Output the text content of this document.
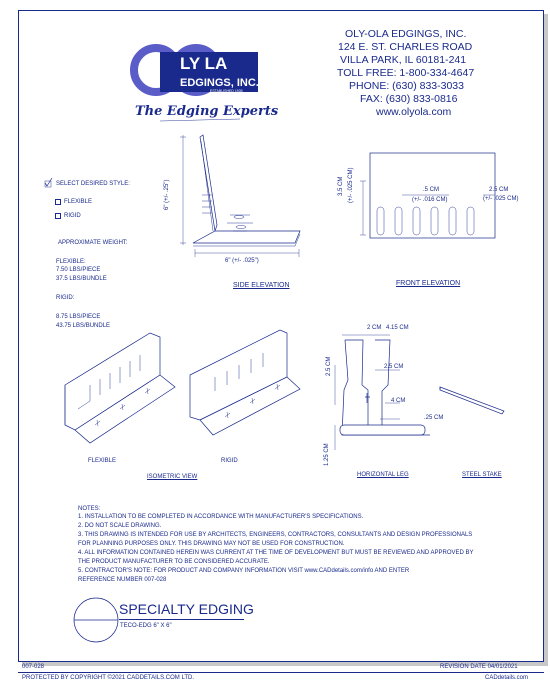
LY LA
EDGINGS, INC.
ESTABLISHED 1939
The Edging Experts
OLY-OLA EDGINGS, INC.
124 E. ST. CHARLES ROAD
VILLA PARK, IL 60181-241
TOLL FREE: 1-800-334-4647
PHONE: (630) 833-3033
FAX: (630) 833-0816
www.olyola.com
SELECT DESIRED STYLE:
FLEXIBLE
RIGID
APPROXIMATE WEIGHT:
FLEXIBLE:
7.50 LBS/PIECE
37.5 LBS/BUNDLE
RIGID:
8.75 LBS/PIECE
43.75 LBS/BUNDLE
6" (+/- .25")
6" (+/- .025")
SIDE ELEVATION
3.5 CM (+/- .025 CM)	.5 CM
(+/- .016 CM)
2.5 CM
(+/- .025 CM)
FRONT ELEVATION
FLEXIBLE	RIGID
ISOMETRIC VIEW
2 CM 4.15 CM
2.5 CM
2.5 CM
4 CM
.25 CM
1.25 CM
HORIZONTAL LEG	STEEL STAKE
NOTES:
1. INSTALLATION TO BE COMPLETED IN ACCORDANCE WITH MANUFACTURER'S SPECIFICATIONS.
2. DO NOT SCALE DRAWING.
3. THIS DRAWING IS INTENDED FOR USE BY ARCHITECTS, ENGINEERS, CONTRACTORS, CONSULTANTS AND DESIGN PROFESSIONALS
FOR PLANNING PURPOSES ONLY. THIS DRAWING MAY NOT BE USED FOR CONSTRUCTION.
4. ALL INFORMATION CONTAINED HEREIN WAS CURRENT AT THE TIME OF DEVELOPMENT BUT MUST BE REVIEWED AND APPROVED BY
THE PRODUCT MANUFACTURER TO BE CONSIDERED ACCURATE.
5. CONTRACTOR'S NOTE: FOR PRODUCT AND COMPANY INFORMATION VISIT www.CADdetails.com/info AND ENTER
REFERENCE NUMBER 007-028
SPECIALTY EDGING
TECO-EDG 6" X 6"
007-028	REVISION DATE 04/01/2021
PROTECTED BY COPYRIGHT ©2021 CADDETAILS.COM LTD.	CADdetails.com
